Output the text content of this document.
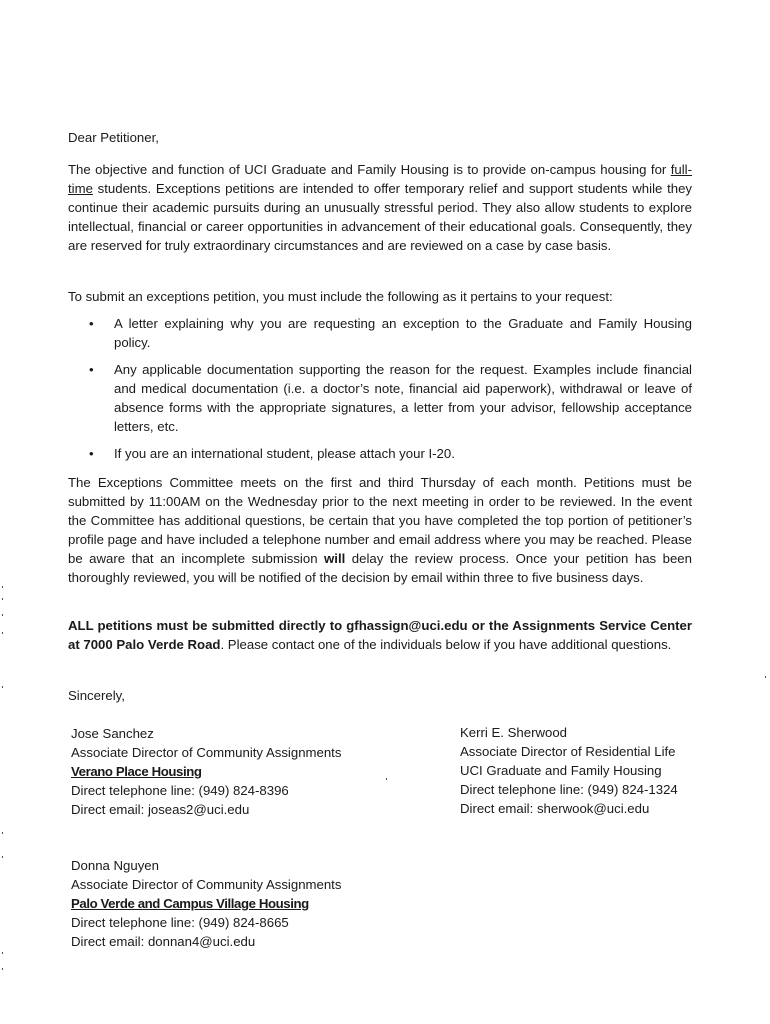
Dear Petitioner,
The objective and function of UCI Graduate and Family Housing is to provide on-campus housing for full-time students. Exceptions petitions are intended to offer temporary relief and support students while they continue their academic pursuits during an unusually stressful period. They also allow students to explore intellectual, financial or career opportunities in advancement of their educational goals. Consequently, they are reserved for truly extraordinary circumstances and are reviewed on a case by case basis.
To submit an exceptions petition, you must include the following as it pertains to your request:
• A letter explaining why you are requesting an exception to the Graduate and Family Housing policy.
• Any applicable documentation supporting the reason for the request. Examples include financial and medical documentation (i.e. a doctor’s note, financial aid paperwork), withdrawal or leave of absence forms with the appropriate signatures, a letter from your advisor, fellowship acceptance letters, etc.
• If you are an international student, please attach your I-20.
The Exceptions Committee meets on the first and third Thursday of each month. Petitions must be submitted by 11:00AM on the Wednesday prior to the next meeting in order to be reviewed. In the event the Committee has additional questions, be certain that you have completed the top portion of petitioner’s profile page and have included a telephone number and email address where you may be reached. Please be aware that an incomplete submission will delay the review process. Once your petition has been thoroughly reviewed, you will be notified of the decision by email within three to five business days.
ALL petitions must be submitted directly to gfhassign@uci.edu or the Assignments Service Center at 7000 Palo Verde Road. Please contact one of the individuals below if you have additional questions.
Sincerely,
Jose Sanchez
Associate Director of Community Assignments
Verano Place Housing
Direct telephone line: (949) 824-8396
Direct email: joseas2@uci.edu
Kerri E. Sherwood
Associate Director of Residential Life
UCI Graduate and Family Housing
Direct telephone line: (949) 824-1324
Direct email: sherwook@uci.edu
Donna Nguyen
Associate Director of Community Assignments
Palo Verde and Campus Village Housing
Direct telephone line: (949) 824-8665
Direct email: donnan4@uci.edu
